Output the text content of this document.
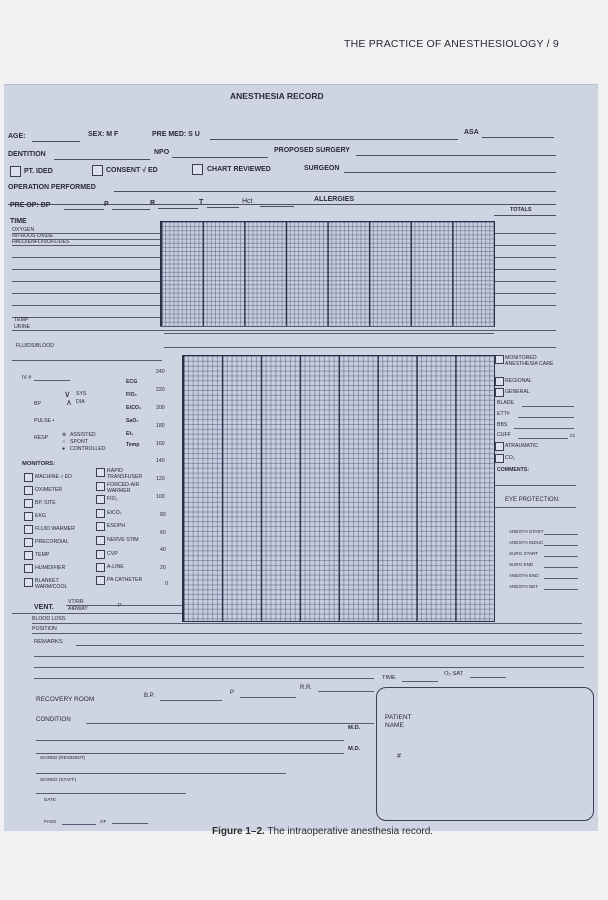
THE PRACTICE OF ANESTHESIOLOGY / 9
ANESTHESIA RECORD
AGE:	SEX: M F	PRE MED: S U	ASA
DENTITION	NPO	PROPOSED SURGERY
PT. IDED	CONSENT √ ED	CHART REVIEWED	SURGEON
OPERATION PERFORMED
PRE OP: BP	P	R	T	Hct	ALLERGIES
TOTALS
TIME
OXYGEN
NITROUS OXIDE
HALO/ENFL/ISOFL/DES
TEMP
URINE
FLUIDS/BLOOD
IV #
BP
∨ SYS
∧ DIA
PULSE •
RESP	⊗ ASSISTED
○ SPONT
● CONTROLLED
ECG
FIO₂
EtCO₂
SaO₂
Et₁
Temp
240
220
200
180
160
140
120
100
80
60
40
20
0
MONITORS:
MACHINE √ ED
OXIMETER
BP. SITE
EKG
FLUID WARMER
PRECORDIAL
TEMP
HUMIDIFIER
BLANKET WARM/COOL
RAPID TRANSFUSER
FORCED-AIR WARMER
FIO₂
EtCO₂
ESOPH
NERVE STIM
CVP
A-LINE
PA CATHETER
VENT.
VT/RR
AIRWAY	P
BLOOD LOSS
POSITION
REMARKS
TIME
O₂ SAT
MONITORED ANESTHESIA CARE
REGIONAL
GENERAL
BLADE
ETT#
BBS
CUFF	cc
ATRAUMATIC
CO₂
COMMENTS:
EYE PROTECTION:
ANESTH START
ANESTH INDUC
SURG START
SURG END
ANESTH END
ANESTH NET
RECOVERY ROOM	B.P.	P
R.R.
CONDITION
M.D.
M.D.
SIGNED (RESIDENT)
SIGNED (STAFF)
DATE
PAGE	OF
PATIENT NAME
#
Figure 1–2. The intraoperative anesthesia record.
